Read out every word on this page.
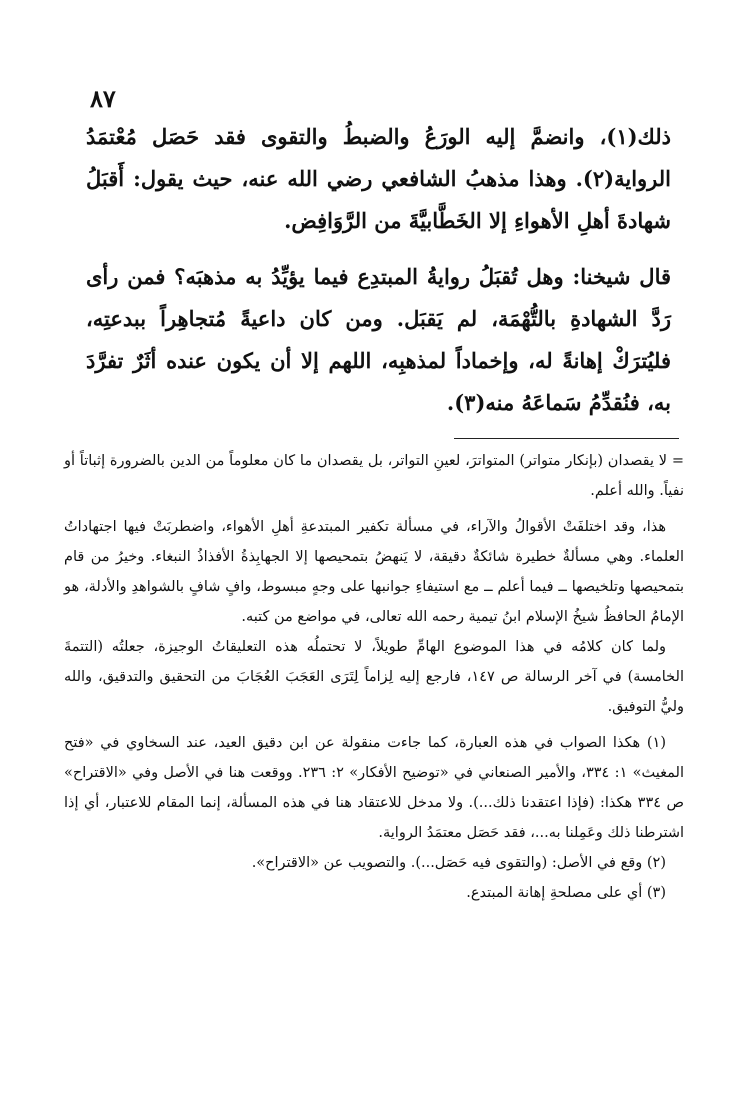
٨٧

ذلك(١)، وانضمَّ إليه الورَعُ والضبطُ والتقوى فقد حَصَل مُعْتمَدُ الرواية(٢). وهذا مذهبُ الشافعي رضي الله عنه، حيث يقول: أَقبَلُ شهادةَ أهلِ الأهواءِ إلا الخَطَّابيَّةَ من الرَّوَافِض.

قال شيخنا: وهل تُقبَلُ روايةُ المبتدِع فيما يؤيِّدُ به مذهبَه؟ فمن رأى رَدَّ الشهادةِ بالتُّهْمَة، لم يَقبَل. ومن كان داعيةً مُتجاهِراً ببدعتِه، فليُترَكْ إهانةً له، وإخماداً لمذهبِه، اللهم إلا أن يكون عنده أثَرٌ تفرَّدَ به، فنُقدِّمُ سَماعَهُ منه(٣).

= لا يقصدان (بإنكار متواتر) المتواترَ، لعينِ التواتر، بل يقصدان ما كان معلوماً من الدين بالضرورة إثباتاً أو نفياً. والله أعلم.

هذا، وقد اختلفَتْ الأقوالُ والآراء، في مسألة تكفير المبتدعةِ أهلِ الأهواء، واضطربَتْ فيها اجتهاداتُ العلماء. وهي مسألةٌ خطيرة شائكةٌ دقيقة، لا يَنهضُ بتمحيصها إلا الجهابِذةُ الأفذاذُ النبغاء. وخيرُ من قام بتمحيصها وتلخيصها ــ فيما أعلم ــ مع استيفاءِ جوانبها على وجهٍ مبسوط، وافٍ شافٍ بالشواهدِ والأدلة، هو الإمامُ الحافظُ شيخُ الإسلام ابنُ تيمية رحمه الله تعالى، في مواضع من كتبه.

ولما كان كلامُه في هذا الموضوع الهامِّ طويلاً، لا تحتملُه هذه التعليقاتُ الوجيزة، جعلتُه (التتمةَ الخامسة) في آخر الرسالة ص ١٤٧، فارجع إليه لِزاماً لِتَرَى العَجَبَ العُجَابَ من التحقيق والتدقيق، والله وليُّ التوفيق.

(١) هكذا الصواب في هذه العبارة، كما جاءت منقولة عن ابن دقيق العيد، عند السخاوي في «فتح المغيث» ١: ٣٣٤، والأمير الصنعاني في «توضيح الأفكار» ٢: ٢٣٦. ووقعت هنا في الأصل وفي «الاقتراح» ص ٣٣٤ هكذا: (فإذا اعتقدنا ذلك...). ولا مدخل للاعتقاد هنا في هذه المسألة، إنما المقام للاعتبار، أي إذا اشترطنا ذلك وعَمِلنا به...، فقد حَصَل معتمَدُ الرواية.

(٢) وقع في الأصل: (والتقوى فيه حَصَل...). والتصويب عن «الاقتراح».

(٣) أي على مصلحةِ إهانة المبتدع.
